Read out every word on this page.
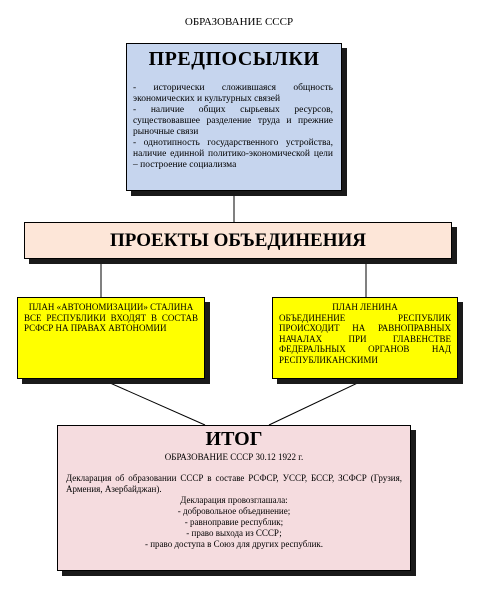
ОБРАЗОВАНИЕ СССР
ПРЕДПОСЫЛКИ
- исторически сложившаяся общность экономических и культурных связей
- наличие общих сырьевых ресурсов, существовавшее разделение труда и прежние рыночные связи
- однотипность государственного устройства, наличие единной политико-экономической цели – построение социализма
ПРОЕКТЫ ОБЪЕДИНЕНИЯ
ПЛАН «АВТОНОМИЗАЦИИ» СТАЛИНА
ВСЕ РЕСПУБЛИКИ ВХОДЯТ В СОСТАВ РСФСР НА ПРАВАХ АВТОНОМИИ
ПЛАН ЛЕНИНА
ОБЪЕДИНЕНИЕ РЕСПУБЛИК ПРОИСХОДИТ НА РАВНОПРАВНЫХ НАЧАЛАХ ПРИ ГЛАВЕНСТВЕ ФЕДЕРАЛЬНЫХ ОРГАНОВ НАД РЕСПУБЛИКАНСКИМИ
ИТОГ
ОБРАЗОВАНИЕ СССР 30.12 1922 г.
Декларация об образовании СССР в составе РСФСР, УССР, БССР, ЗСФСР (Грузия, Армения, Азербайджан).
Декларация провозглашала:
- добровольное объединение;
- равноправие республик;
- право выхода из СССР;
- право доступа в Союз для других республик.
